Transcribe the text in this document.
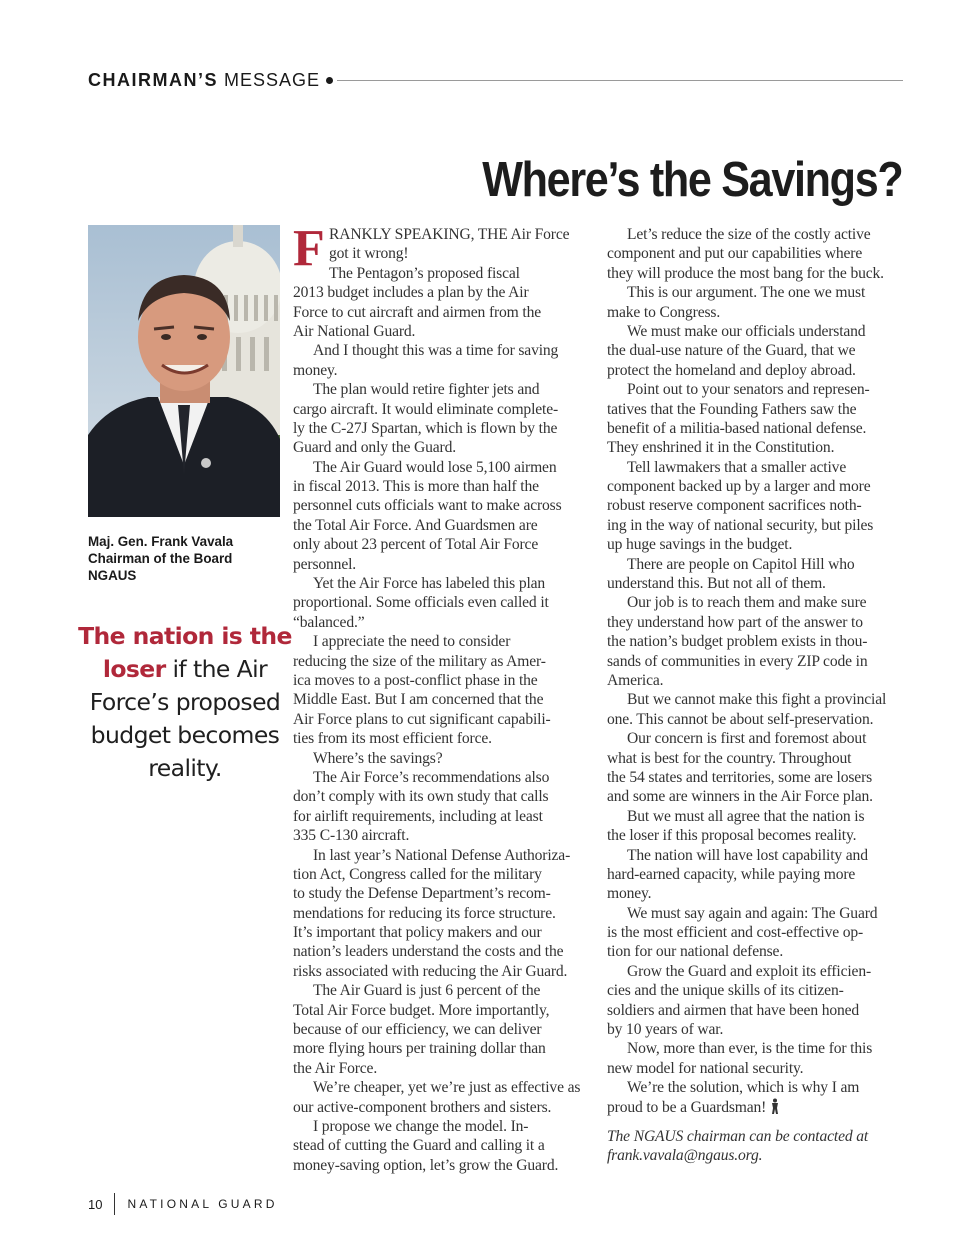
CHAIRMAN’S MESSAGE
Where’s the Savings?
Maj. Gen. Frank Vavala
Chairman of the Board
NGAUS
The nation is the loser if the Air Force’s proposed budget becomes reality.
F RANKLY SPEAKING, THE Air Force
got it wrong!
The Pentagon’s proposed fiscal
2013 budget includes a plan by the Air
Force to cut aircraft and airmen from the
Air National Guard.
And I thought this was a time for saving
money.
The plan would retire fighter jets and
cargo aircraft. It would eliminate complete-
ly the C-27J Spartan, which is flown by the
Guard and only the Guard.
The Air Guard would lose 5,100 airmen
in fiscal 2013. This is more than half the
personnel cuts officials want to make across
the Total Air Force. And Guardsmen are
only about 23 percent of Total Air Force
personnel.
Yet the Air Force has labeled this plan
proportional. Some officials even called it
“balanced.”
I appreciate the need to consider
reducing the size of the military as Amer-
ica moves to a post-conflict phase in the
Middle East. But I am concerned that the
Air Force plans to cut significant capabili-
ties from its most efficient force.
Where’s the savings?
The Air Force’s recommendations also
don’t comply with its own study that calls
for airlift requirements, including at least
335 C-130 aircraft.
In last year’s National Defense Authoriza-
tion Act, Congress called for the military
to study the Defense Department’s recom-
mendations for reducing its force structure.
It’s important that policy makers and our
nation’s leaders understand the costs and the
risks associated with reducing the Air Guard.
The Air Guard is just 6 percent of the
Total Air Force budget. More importantly,
because of our efficiency, we can deliver
more flying hours per training dollar than
the Air Force.
We’re cheaper, yet we’re just as effective as
our active-component brothers and sisters.
I propose we change the model. In-
stead of cutting the Guard and calling it a
money-saving option, let’s grow the Guard.
Let’s reduce the size of the costly active
component and put our capabilities where
they will produce the most bang for the buck.
This is our argument. The one we must
make to Congress.
We must make our officials understand
the dual-use nature of the Guard, that we
protect the homeland and deploy abroad.
Point out to your senators and represen-
tatives that the Founding Fathers saw the
benefit of a militia-based national defense.
They enshrined it in the Constitution.
Tell lawmakers that a smaller active
component backed up by a larger and more
robust reserve component sacrifices noth-
ing in the way of national security, but piles
up huge savings in the budget.
There are people on Capitol Hill who
understand this. But not all of them.
Our job is to reach them and make sure
they understand how part of the answer to
the nation’s budget problem exists in thou-
sands of communities in every ZIP code in
America.
But we cannot make this fight a provincial
one. This cannot be about self-preservation.
Our concern is first and foremost about
what is best for the country. Throughout
the 54 states and territories, some are losers
and some are winners in the Air Force plan.
But we must all agree that the nation is
the loser if this proposal becomes reality.
The nation will have lost capability and
hard-earned capacity, while paying more
money.
We must say again and again: The Guard
is the most efficient and cost-effective op-
tion for our national defense.
Grow the Guard and exploit its efficien-
cies and the unique skills of its citizen-
soldiers and airmen that have been honed
by 10 years of war.
Now, more than ever, is the time for this
new model for national security.
We’re the solution, which is why I am
proud to be a Guardsman!
The NGAUS chairman can be contacted at
frank.vavala@ngaus.org.
10 NATIONAL GUARD
